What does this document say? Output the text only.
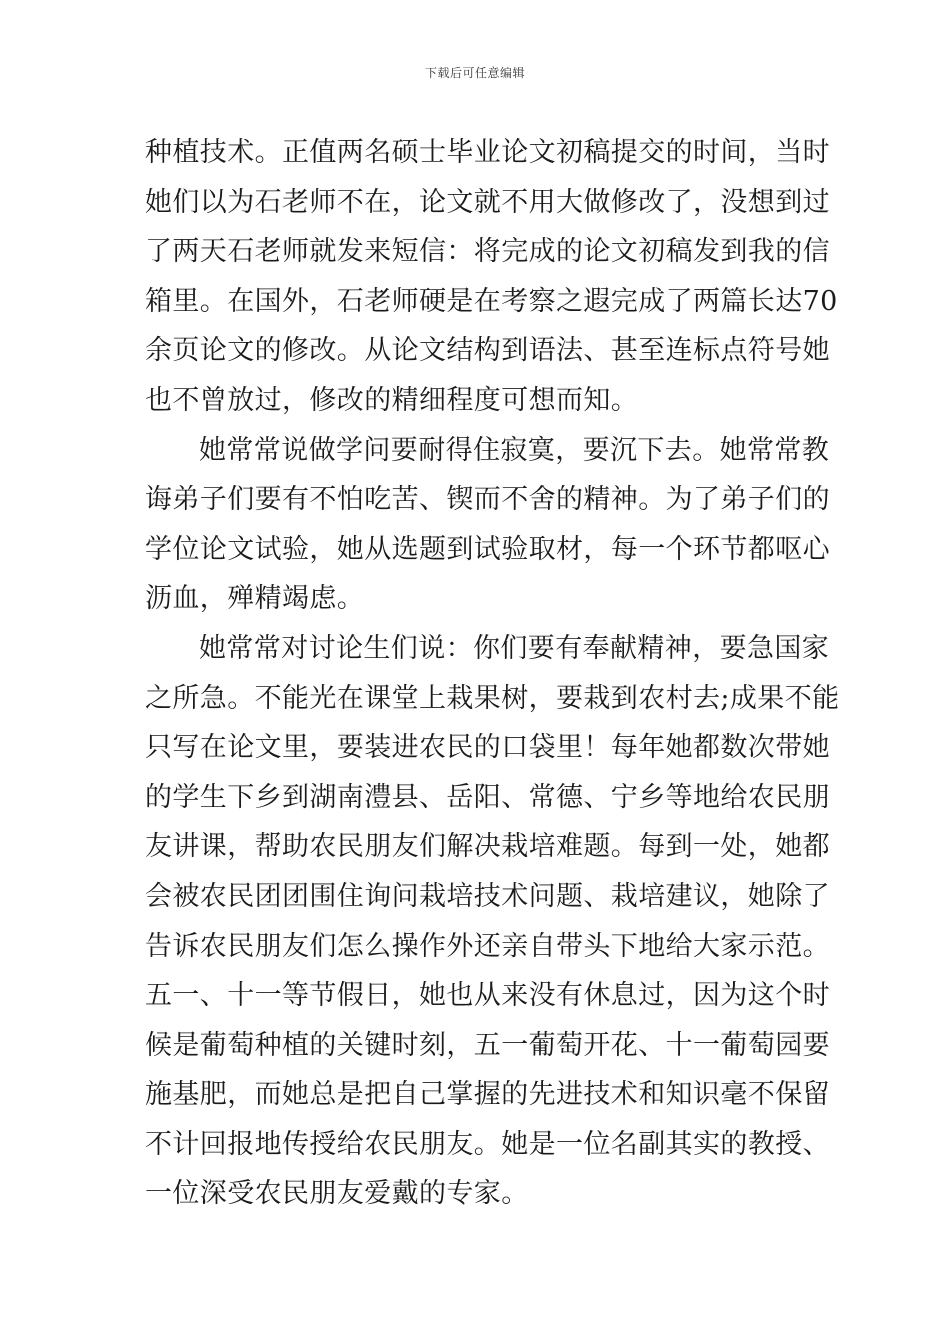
下载后可任意编辑
种植技术。正值两名硕士毕业论文初稿提交的时间，当时
她们以为石老师不在，论文就不用大做修改了，没想到过
了两天石老师就发来短信：将完成的论文初稿发到我的信
箱里。在国外，石老师硬是在考察之遐完成了两篇长达70
余页论文的修改。从论文结构到语法、甚至连标点符号她
也不曾放过，修改的精细程度可想而知。
她常常说做学问要耐得住寂寞，要沉下去。她常常教
诲弟子们要有不怕吃苦、锲而不舍的精神。为了弟子们的
学位论文试验，她从选题到试验取材，每一个环节都呕心
沥血，殚精竭虑。
她常常对讨论生们说：你们要有奉献精神，要急国家
之所急。不能光在课堂上栽果树，要栽到农村去;成果不能
只写在论文里，要装进农民的口袋里！每年她都数次带她
的学生下乡到湖南澧县、岳阳、常德、宁乡等地给农民朋
友讲课，帮助农民朋友们解决栽培难题。每到一处，她都
会被农民团团围住询问栽培技术问题、栽培建议，她除了
告诉农民朋友们怎么操作外还亲自带头下地给大家示范。
五一、十一等节假日，她也从来没有休息过，因为这个时
候是葡萄种植的关键时刻，五一葡萄开花、十一葡萄园要
施基肥，而她总是把自己掌握的先进技术和知识毫不保留
不计回报地传授给农民朋友。她是一位名副其实的教授、
一位深受农民朋友爱戴的专家。
